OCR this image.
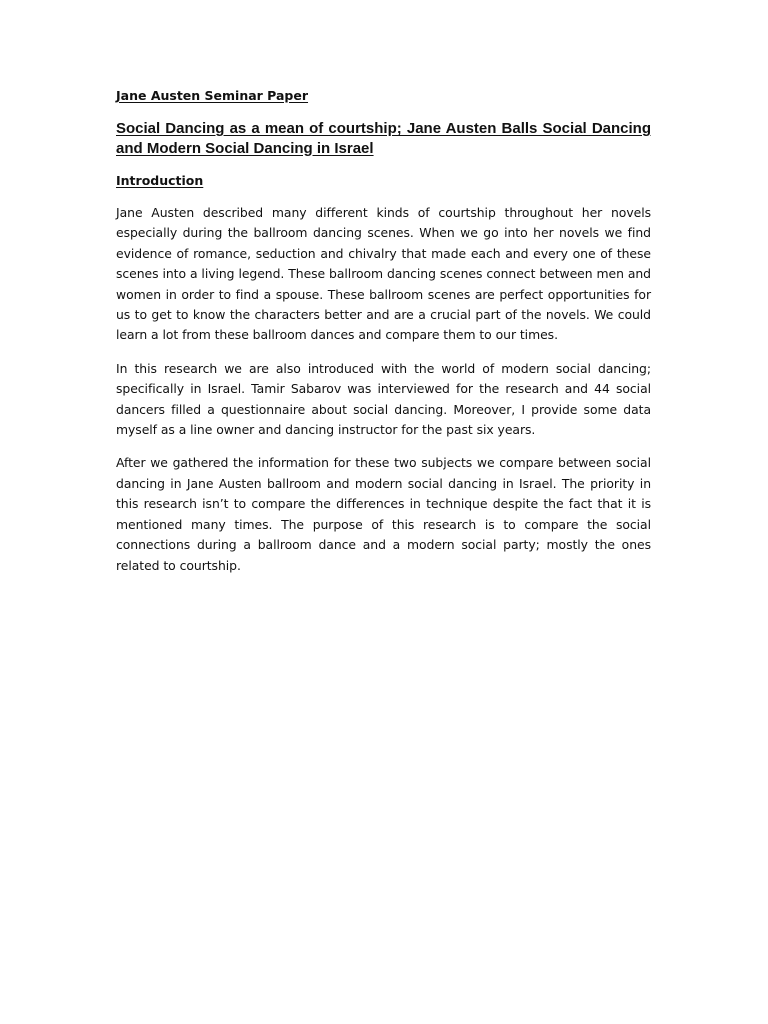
Jane Austen Seminar Paper

Social Dancing as a mean of courtship; Jane Austen Balls Social Dancing and Modern Social Dancing in Israel

Introduction

Jane Austen described many different kinds of courtship throughout her novels especially during the ballroom dancing scenes. When we go into her novels we find evidence of romance, seduction and chivalry that made each and every one of these scenes into a living legend. These ballroom dancing scenes connect between men and women in order to find a spouse. These ballroom scenes are perfect opportunities for us to get to know the characters better and are a crucial part of the novels. We could learn a lot from these ballroom dances and compare them to our times.

In this research we are also introduced with the world of modern social dancing; specifically in Israel. Tamir Sabarov was interviewed for the research and 44 social dancers filled a questionnaire about social dancing. Moreover, I provide some data myself as a line owner and dancing instructor for the past six years.

After we gathered the information for these two subjects we compare between social dancing in Jane Austen ballroom and modern social dancing in Israel. The priority in this research isn’t to compare the differences in technique despite the fact that it is mentioned many times. The purpose of this research is to compare the social connections during a ballroom dance and a modern social party; mostly the ones related to courtship.
